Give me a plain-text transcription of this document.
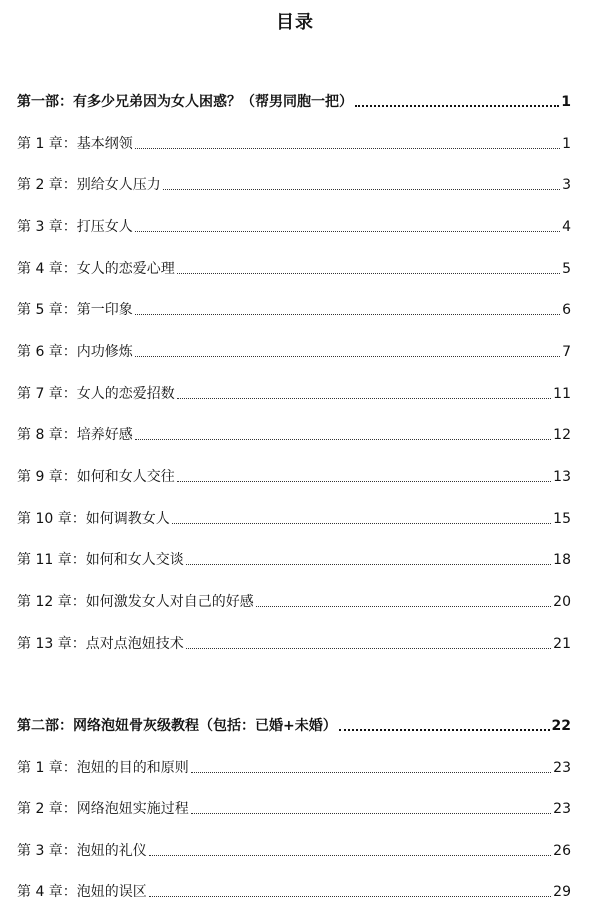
目录
第一部：有多少兄弟因为女人困惑？（帮男同胞一把）	1
第 1 章：基本纲领	1
第 2 章：别给女人压力	3
第 3 章：打压女人	4
第 4 章：女人的恋爱心理	5
第 5 章：第一印象	6
第 6 章：内功修炼	7
第 7 章：女人的恋爱招数	11
第 8 章：培养好感	12
第 9 章：如何和女人交往	13
第 10 章：如何调教女人	15
第 11 章：如何和女人交谈	18
第 12 章：如何激发女人对自己的好感	20
第 13 章：点对点泡妞技术	21
第二部：网络泡妞骨灰级教程（包括：已婚+未婚）	22
第 1 章：泡妞的目的和原则	23
第 2 章：网络泡妞实施过程	23
第 3 章：泡妞的礼仪	26
第 4 章：泡妞的误区	29
